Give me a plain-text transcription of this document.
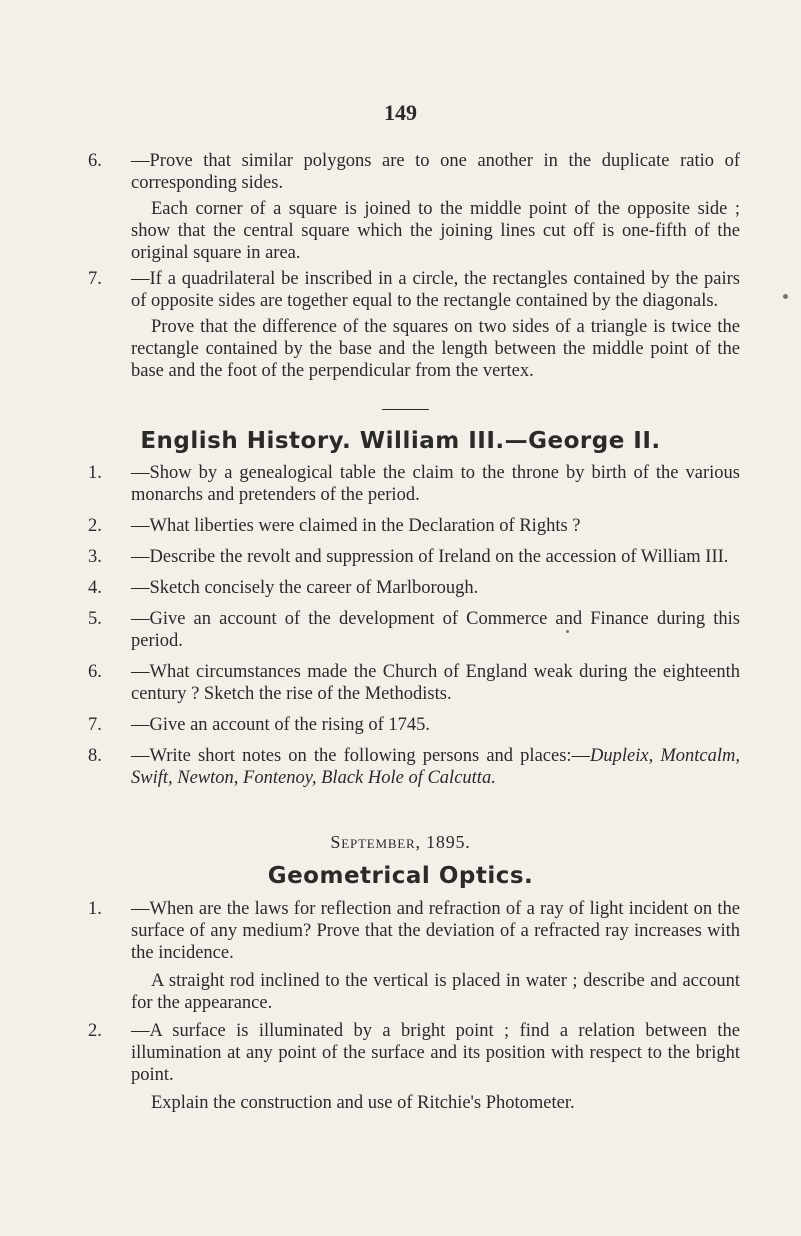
149
6. —Prove that similar polygons are to one another in the duplicate ratio of corresponding sides.
Each corner of a square is joined to the middle point of the opposite side ; show that the central square which the joining lines cut off is one-fifth of the original square in area.
7. —If a quadrilateral be inscribed in a circle, the rectangles contained by the pairs of opposite sides are together equal to the rectangle contained by the diagonals.
Prove that the difference of the squares on two sides of a triangle is twice the rectangle contained by the base and the length between the middle point of the base and the foot of the perpendicular from the vertex.
English History. William III.—George II.
1. —Show by a genealogical table the claim to the throne by birth of the various monarchs and pretenders of the period.
2. —What liberties were claimed in the Declaration of Rights ?
3. —Describe the revolt and suppression of Ireland on the accession of William III.
4. —Sketch concisely the career of Marlborough.
5. —Give an account of the development of Commerce and Finance during this period.
6. —What circumstances made the Church of England weak during the eighteenth century ? Sketch the rise of the Methodists.
7. —Give an account of the rising of 1745.
8. —Write short notes on the following persons and places:—Dupleix, Montcalm, Swift, Newton, Fontenoy, Black Hole of Calcutta.
September, 1895.
Geometrical Optics.
1. —When are the laws for reflection and refraction of a ray of light incident on the surface of any medium? Prove that the deviation of a refracted ray increases with the incidence.
A straight rod inclined to the vertical is placed in water ; describe and account for the appearance.
2. —A surface is illuminated by a bright point ; find a relation between the illumination at any point of the surface and its position with respect to the bright point.
Explain the construction and use of Ritchie's Photometer.
